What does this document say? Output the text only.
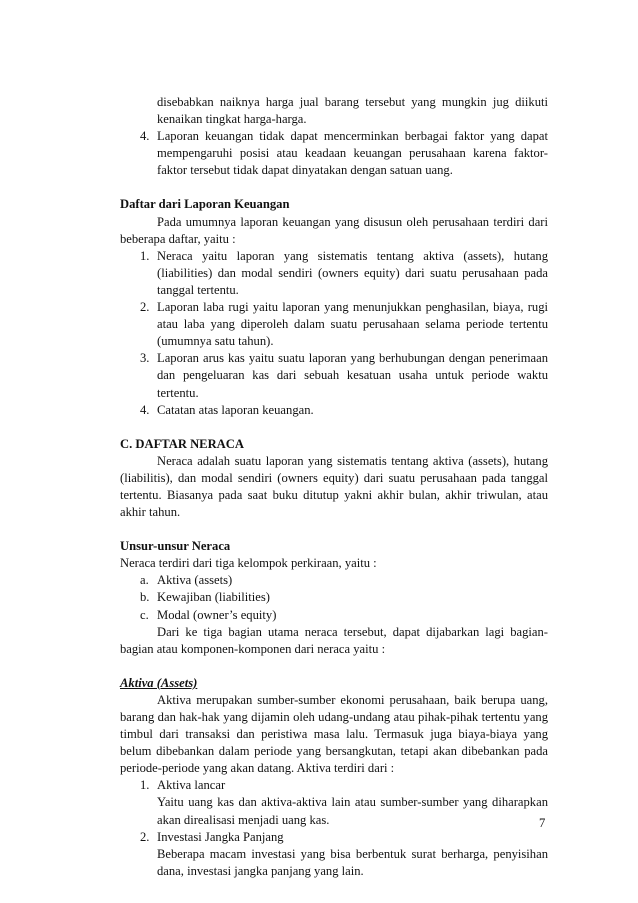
disebabkan naiknya harga jual barang tersebut yang mungkin jug diikuti
kenaikan tingkat harga-harga.
4. Laporan keuangan tidak dapat mencerminkan berbagai faktor yang dapat mempengaruhi posisi atau keadaan keuangan perusahaan karena faktor-faktor tersebut tidak dapat dinyatakan dengan satuan uang.
Daftar dari Laporan Keuangan

Pada umumnya laporan keuangan yang disusun oleh perusahaan terdiri dari beberapa daftar, yaitu :

1. Neraca yaitu laporan yang sistematis tentang aktiva (assets), hutang (liabilities) dan modal sendiri (owners equity) dari suatu perusahaan pada tanggal tertentu.
2. Laporan laba rugi yaitu laporan yang menunjukkan penghasilan, biaya, rugi atau laba yang diperoleh dalam suatu perusahaan selama periode tertentu (umumnya satu tahun).
3. Laporan arus kas yaitu suatu laporan yang berhubungan dengan penerimaan dan pengeluaran kas dari sebuah kesatuan usaha untuk periode waktu tertentu.
4. Catatan atas laporan keuangan.
C. DAFTAR NERACA

Neraca adalah suatu laporan yang sistematis tentang aktiva (assets), hutang (liabilitis), dan modal sendiri (owners equity) dari suatu perusahaan pada tanggal tertentu. Biasanya pada saat buku ditutup yakni akhir bulan, akhir triwulan, atau akhir tahun.

Unsur-unsur Neraca

Neraca terdiri dari tiga kelompok perkiraan, yaitu :

a. Aktiva (assets)
b. Kewajiban (liabilities)
c. Modal (owner’s equity)

Dari ke tiga bagian utama neraca tersebut, dapat dijabarkan lagi bagian-bagian atau komponen-komponen dari neraca yaitu :

Aktiva (Assets)

Aktiva merupakan sumber-sumber ekonomi perusahaan, baik berupa uang, barang dan hak-hak yang dijamin oleh udang-undang atau pihak-pihak tertentu yang timbul dari transaksi dan peristiwa masa lalu. Termasuk juga biaya-biaya yang belum dibebankan dalam periode yang bersangkutan, tetapi akan dibebankan pada periode-periode yang akan datang. Aktiva terdiri dari :

1. Aktiva lancar
Yaitu uang kas dan aktiva-aktiva lain atau sumber-sumber yang diharapkan akan direalisasi menjadi uang kas.
2. Investasi Jangka Panjang
Beberapa macam investasi yang bisa berbentuk surat berharga, penyisihan dana, investasi jangka panjang yang lain.
7
